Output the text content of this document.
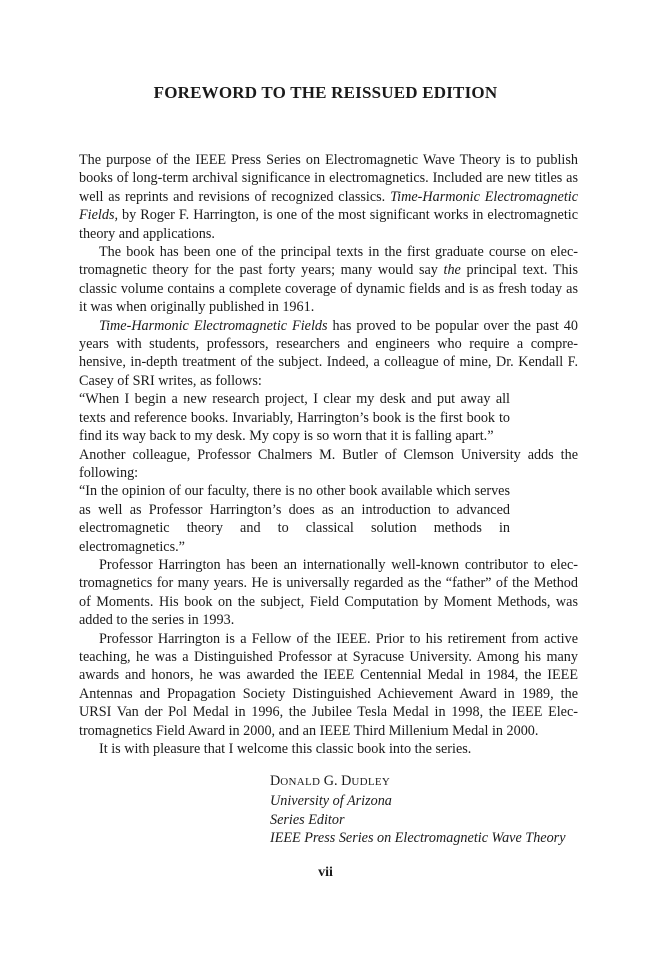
FOREWORD TO THE REISSUED EDITION

The purpose of the IEEE Press Series on Electromagnetic Wave Theory is to publish books of long-term archival significance in electromagnetics. Included are new titles as well as reprints and revisions of recognized classics. Time-Harmonic Electromagnetic Fields, by Roger F. Harrington, is one of the most significant works in electromagnetic theory and applications.

The book has been one of the principal texts in the first graduate course on electromagnetic theory for the past forty years; many would say the principal text. This classic volume contains a complete coverage of dynamic fields and is as fresh today as it was when originally published in 1961.

Time-Harmonic Electromagnetic Fields has proved to be popular over the past 40 years with students, professors, researchers and engineers who require a comprehensive, in-depth treatment of the subject. Indeed, a colleague of mine, Dr. Kendall F. Casey of SRI writes, as follows:

“When I begin a new research project, I clear my desk and put away all texts and reference books. Invariably, Harrington’s book is the first book to find its way back to my desk. My copy is so worn that it is falling apart.”

Another colleague, Professor Chalmers M. Butler of Clemson University adds the following:

“In the opinion of our faculty, there is no other book available which serves as well as Professor Harrington’s does as an introduction to advanced electromagnetic theory and to classical solution methods in electromagnetics.”

Professor Harrington has been an internationally well-known contributor to electromagnetics for many years. He is universally regarded as the “father” of the Method of Moments. His book on the subject, Field Computation by Moment Methods, was added to the series in 1993.

Professor Harrington is a Fellow of the IEEE. Prior to his retirement from active teaching, he was a Distinguished Professor at Syracuse University. Among his many awards and honors, he was awarded the IEEE Centennial Medal in 1984, the IEEE Antennas and Propagation Society Distinguished Achievement Award in 1989, the URSI Van der Pol Medal in 1996, the Jubilee Tesla Medal in 1998, the IEEE Electromagnetics Field Award in 2000, and an IEEE Third Millenium Medal in 2000.

It is with pleasure that I welcome this classic book into the series.

DONALD G. DUDLEY
University of Arizona
Series Editor
IEEE Press Series on Electromagnetic Wave Theory
vii
